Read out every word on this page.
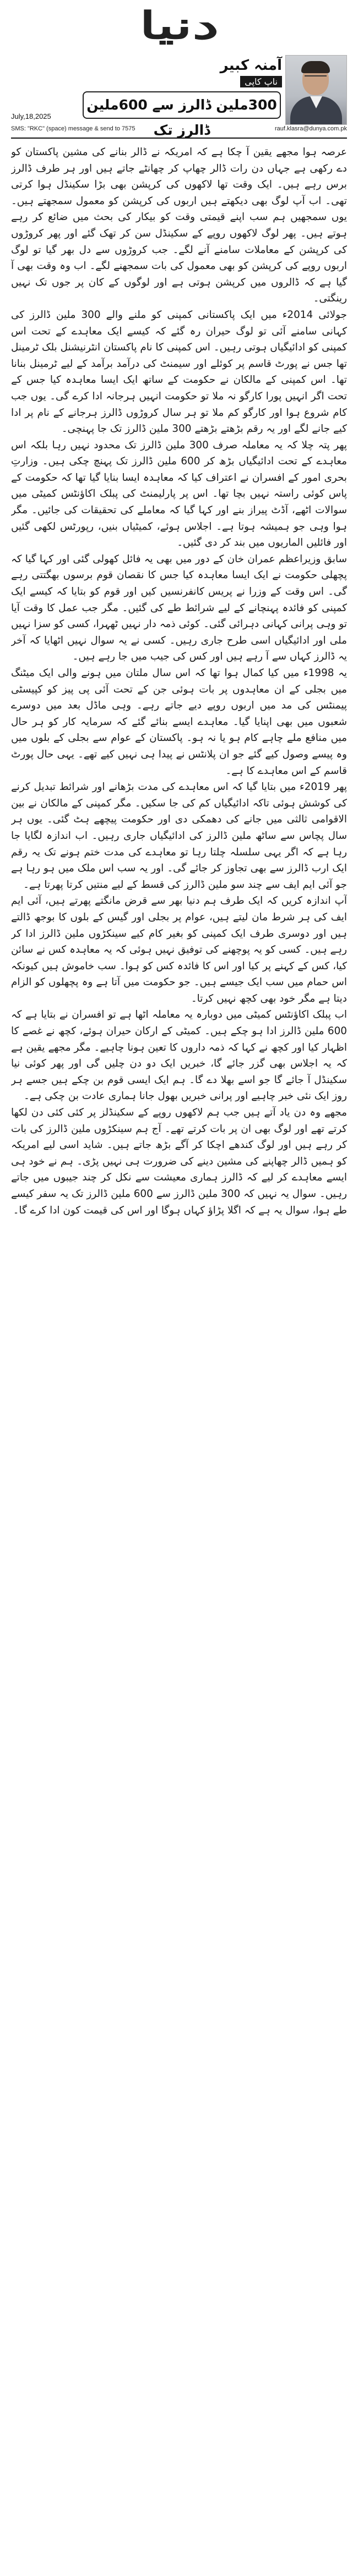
دنیا
آمنہ کبیر
ناپ کاپی
300ملین ڈالرز سے 600ملین ڈالرز تک
July,18,2025
SMS: "RKC" (space) message & send to 7575	rauf.klasra@dunya.com.pk

عرصہ ہوا مجھے یقین آ چکا ہے کہ امریکہ نے ڈالر بنانے کی مشین پاکستان کو دے رکھی ہے جہاں دن رات ڈالر چھاپ کر چھانٹے جاتے ہیں اور ہر طرف ڈالرز برس رہے ہیں۔ ایک وقت تھا لاکھوں کی کرپشن بھی بڑا سکینڈل ہوا کرتی تھی۔ اب آپ لوگ بھی دیکھتے ہیں اربوں کی کرپشن کو معمول سمجھتے ہیں۔ یوں سمجھیں ہم سب اپنے قیمتی وقت کو بیکار کی بحث میں ضائع کر رہے ہوتے ہیں۔ پھر لوگ لاکھوں روپے کے سکینڈل سن کر تھک گئے اور پھر کروڑوں کی کرپشن کے معاملات سامنے آنے لگے۔ جب کروڑوں سے دل بھر گیا تو لوگ اربوں روپے کی کرپشن کو بھی معمول کی بات سمجھنے لگے۔ اب وہ وقت بھی آ گیا ہے کہ ڈالروں میں کرپشن ہوتی ہے اور لوگوں کے کان پر جوں تک نہیں رینگتی۔

جولائی 2014ء میں ایک پاکستانی کمپنی کو ملنے والے 300 ملین ڈالرز کی کہانی سامنے آئی تو لوگ حیران رہ گئے کہ کیسے ایک معاہدے کے تحت اس کمپنی کو ادائیگیاں ہوتی رہیں۔ اس کمپنی کا نام پاکستان انٹرنیشنل بلک ٹرمینل تھا جس نے پورٹ قاسم پر کوئلے اور سیمنٹ کی درآمد برآمد کے لیے ٹرمینل بنانا تھا۔ اس کمپنی کے مالکان نے حکومت کے ساتھ ایک ایسا معاہدہ کیا جس کے تحت اگر انہیں پورا کارگو نہ ملا تو حکومت انہیں ہرجانہ ادا کرے گی۔ یوں جب کام شروع ہوا اور کارگو کم ملا تو ہر سال کروڑوں ڈالرز ہرجانے کے نام پر ادا کیے جانے لگے اور یہ رقم بڑھتے بڑھتے 300 ملین ڈالرز تک جا پہنچی۔

پھر پتہ چلا کہ یہ معاملہ صرف 300 ملین ڈالرز تک محدود نہیں رہا بلکہ اس معاہدے کے تحت ادائیگیاں بڑھ کر 600 ملین ڈالرز تک پہنچ چکی ہیں۔ وزارتِ بحری امور کے افسران نے اعتراف کیا کہ معاہدہ ایسا بنایا گیا تھا کہ حکومت کے پاس کوئی راستہ نہیں بچا تھا۔ اس پر پارلیمنٹ کی پبلک اکاؤنٹس کمیٹی میں سوالات اٹھے، آڈٹ پیراز بنے اور کہا گیا کہ معاملے کی تحقیقات کی جائیں۔ مگر ہوا وہی جو ہمیشہ ہوتا ہے۔ اجلاس ہوئے، کمیٹیاں بنیں، رپورٹس لکھی گئیں اور فائلیں الماریوں میں بند کر دی گئیں۔

سابق وزیراعظم عمران خان کے دور میں بھی یہ فائل کھولی گئی اور کہا گیا کہ پچھلی حکومت نے ایک ایسا معاہدہ کیا جس کا نقصان قوم برسوں بھگتتی رہے گی۔ اس وقت کے وزرا نے پریس کانفرنسیں کیں اور قوم کو بتایا کہ کیسے ایک کمپنی کو فائدہ پہنچانے کے لیے شرائط طے کی گئیں۔ مگر جب عمل کا وقت آیا تو وہی پرانی کہانی دہرائی گئی۔ کوئی ذمہ دار نہیں ٹھہرا، کسی کو سزا نہیں ملی اور ادائیگیاں اسی طرح جاری رہیں۔ کسی نے یہ سوال نہیں اٹھایا کہ آخر یہ ڈالرز کہاں سے آ رہے ہیں اور کس کی جیب میں جا رہے ہیں۔

یہ 1998ء میں کیا کمال ہوا تھا کہ اس سال ملتان میں ہونے والی ایک میٹنگ میں بجلی کے ان معاہدوں پر بات ہوئی جن کے تحت آئی پی پیز کو کپیسٹی پیمنٹس کی مد میں اربوں روپے دیے جاتے رہے۔ وہی ماڈل بعد میں دوسرے شعبوں میں بھی اپنایا گیا۔ معاہدے ایسے بنائے گئے کہ سرمایہ کار کو ہر حال میں منافع ملے چاہے کام ہو یا نہ ہو۔ پاکستان کے عوام سے بجلی کے بلوں میں وہ پیسے وصول کیے گئے جو ان پلانٹس نے پیدا ہی نہیں کیے تھے۔ یہی حال پورٹ قاسم کے اس معاہدے کا ہے۔

پھر 2019ء میں بتایا گیا کہ اس معاہدے کی مدت بڑھانے اور شرائط تبدیل کرنے کی کوشش ہوئی تاکہ ادائیگیاں کم کی جا سکیں۔ مگر کمپنی کے مالکان نے بین الاقوامی ثالثی میں جانے کی دھمکی دی اور حکومت پیچھے ہٹ گئی۔ یوں ہر سال پچاس سے ساٹھ ملین ڈالرز کی ادائیگیاں جاری رہیں۔ اب اندازہ لگایا جا رہا ہے کہ اگر یہی سلسلہ چلتا رہا تو معاہدے کی مدت ختم ہونے تک یہ رقم ایک ارب ڈالرز سے بھی تجاوز کر جائے گی۔ اور یہ سب اس ملک میں ہو رہا ہے جو آئی ایم ایف سے چند سو ملین ڈالرز کی قسط کے لیے منتیں کرتا پھرتا ہے۔

آپ اندازہ کریں کہ ایک طرف ہم دنیا بھر سے قرض مانگتے پھرتے ہیں، آئی ایم ایف کی ہر شرط مان لیتے ہیں، عوام پر بجلی اور گیس کے بلوں کا بوجھ ڈالتے ہیں اور دوسری طرف ایک کمپنی کو بغیر کام کیے سینکڑوں ملین ڈالرز ادا کر رہے ہیں۔ کسی کو یہ پوچھنے کی توفیق نہیں ہوئی کہ یہ معاہدہ کس نے سائن کیا، کس کے کہنے پر کیا اور اس کا فائدہ کس کو ہوا۔ سب خاموش ہیں کیونکہ اس حمام میں سب ایک جیسے ہیں۔ جو حکومت میں آتا ہے وہ پچھلوں کو الزام دیتا ہے مگر خود بھی کچھ نہیں کرتا۔

اب پبلک اکاؤنٹس کمیٹی میں دوبارہ یہ معاملہ اٹھا ہے تو افسران نے بتایا ہے کہ 600 ملین ڈالرز ادا ہو چکے ہیں۔ کمیٹی کے ارکان حیران ہوئے، کچھ نے غصے کا اظہار کیا اور کچھ نے کہا کہ ذمہ داروں کا تعین ہونا چاہیے۔ مگر مجھے یقین ہے کہ یہ اجلاس بھی گزر جائے گا، خبریں ایک دو دن چلیں گی اور پھر کوئی نیا سکینڈل آ جائے گا جو اسے بھلا دے گا۔ ہم ایک ایسی قوم بن چکے ہیں جسے ہر روز ایک نئی خبر چاہیے اور پرانی خبریں بھول جانا ہماری عادت بن چکی ہے۔

مجھے وہ دن یاد آتے ہیں جب ہم لاکھوں روپے کے سکینڈلز پر کئی کئی دن لکھا کرتے تھے اور لوگ بھی ان پر بات کرتے تھے۔ آج ہم سینکڑوں ملین ڈالرز کی بات کر رہے ہیں اور لوگ کندھے اچکا کر آگے بڑھ جاتے ہیں۔ شاید اسی لیے امریکہ کو ہمیں ڈالر چھاپنے کی مشین دینے کی ضرورت ہی نہیں پڑی۔ ہم نے خود ہی ایسے معاہدے کر لیے کہ ڈالرز ہماری معیشت سے نکل کر چند جیبوں میں جاتے رہیں۔ سوال یہ نہیں کہ 300 ملین ڈالرز سے 600 ملین ڈالرز تک یہ سفر کیسے طے ہوا، سوال یہ ہے کہ اگلا پڑاؤ کہاں ہوگا اور اس کی قیمت کون ادا کرے گا۔
